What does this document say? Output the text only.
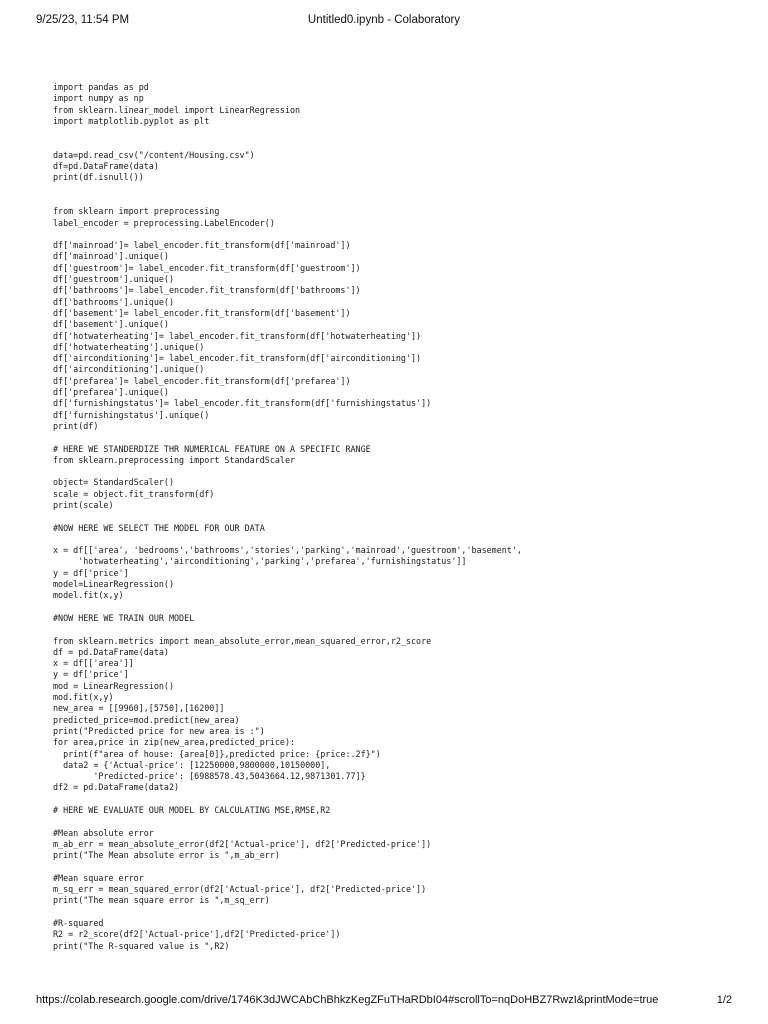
9/25/23, 11:54 PM	Untitled0.ipynb - Colaboratory
import pandas as pd
import numpy as np
from sklearn.linear_model import LinearRegression
import matplotlib.pyplot as plt
data=pd.read_csv("/content/Housing.csv")
df=pd.DataFrame(data)
print(df.isnull())
from sklearn import preprocessing
label_encoder = preprocessing.LabelEncoder()
df['mainroad']= label_encoder.fit_transform(df['mainroad'])
df['mainroad'].unique()
df['guestroom']= label_encoder.fit_transform(df['guestroom'])
df['guestroom'].unique()
df['bathrooms']= label_encoder.fit_transform(df['bathrooms'])
df['bathrooms'].unique()
df['basement']= label_encoder.fit_transform(df['basement'])
df['basement'].unique()
df['hotwaterheating']= label_encoder.fit_transform(df['hotwaterheating'])
df['hotwaterheating'].unique()
df['airconditioning']= label_encoder.fit_transform(df['airconditioning'])
df['airconditioning'].unique()
df['prefarea']= label_encoder.fit_transform(df['prefarea'])
df['prefarea'].unique()
df['furnishingstatus']= label_encoder.fit_transform(df['furnishingstatus'])
df['furnishingstatus'].unique()
print(df)
# HERE WE STANDERDIZE THR NUMERICAL FEATURE ON A SPECIFIC RANGE
from sklearn.preprocessing import StandardScaler
object= StandardScaler()
scale = object.fit_transform(df)
print(scale)
#NOW HERE WE SELECT THE MODEL FOR OUR DATA
x = df[['area', 'bedrooms','bathrooms','stories','parking','mainroad','guestroom','basement',
'hotwaterheating','airconditioning','parking','prefarea','furnishingstatus']]
y = df['price']
model=LinearRegression()
model.fit(x,y)
#NOW HERE WE TRAIN OUR MODEL
from sklearn.metrics import mean_absolute_error,mean_squared_error,r2_score
df = pd.DataFrame(data)
x = df[['area']]
y = df['price']
mod = LinearRegression()
mod.fit(x,y)
new_area = [[9960],[5750],[16200]]
predicted_price=mod.predict(new_area)
print("Predicted price for new area is :")
for area,price in zip(new_area,predicted_price):
print(f"area of house: {area[0]},predicted price: {price:.2f}")
data2 = {'Actual-price': [12250000,9800000,10150000],
'Predicted-price': [6988578.43,5043664.12,9871301.77]}
df2 = pd.DataFrame(data2)
# HERE WE EVALUATE OUR MODEL BY CALCULATING MSE,RMSE,R2
#Mean absolute error
m_ab_err = mean_absolute_error(df2['Actual-price'], df2['Predicted-price'])
print("The Mean absolute error is ",m_ab_err)
#Mean square error
m_sq_err = mean_squared_error(df2['Actual-price'], df2['Predicted-price'])
print("The mean square error is ",m_sq_err)
#R-squared
R2 = r2_score(df2['Actual-price'],df2['Predicted-price'])
print("The R-squared value is ",R2)
https://colab.research.google.com/drive/1746K3dJWCAbChBhkzKegZFuTHaRDbI04#scrollTo=nqDoHBZ7RwzI&printMode=true	1/2
